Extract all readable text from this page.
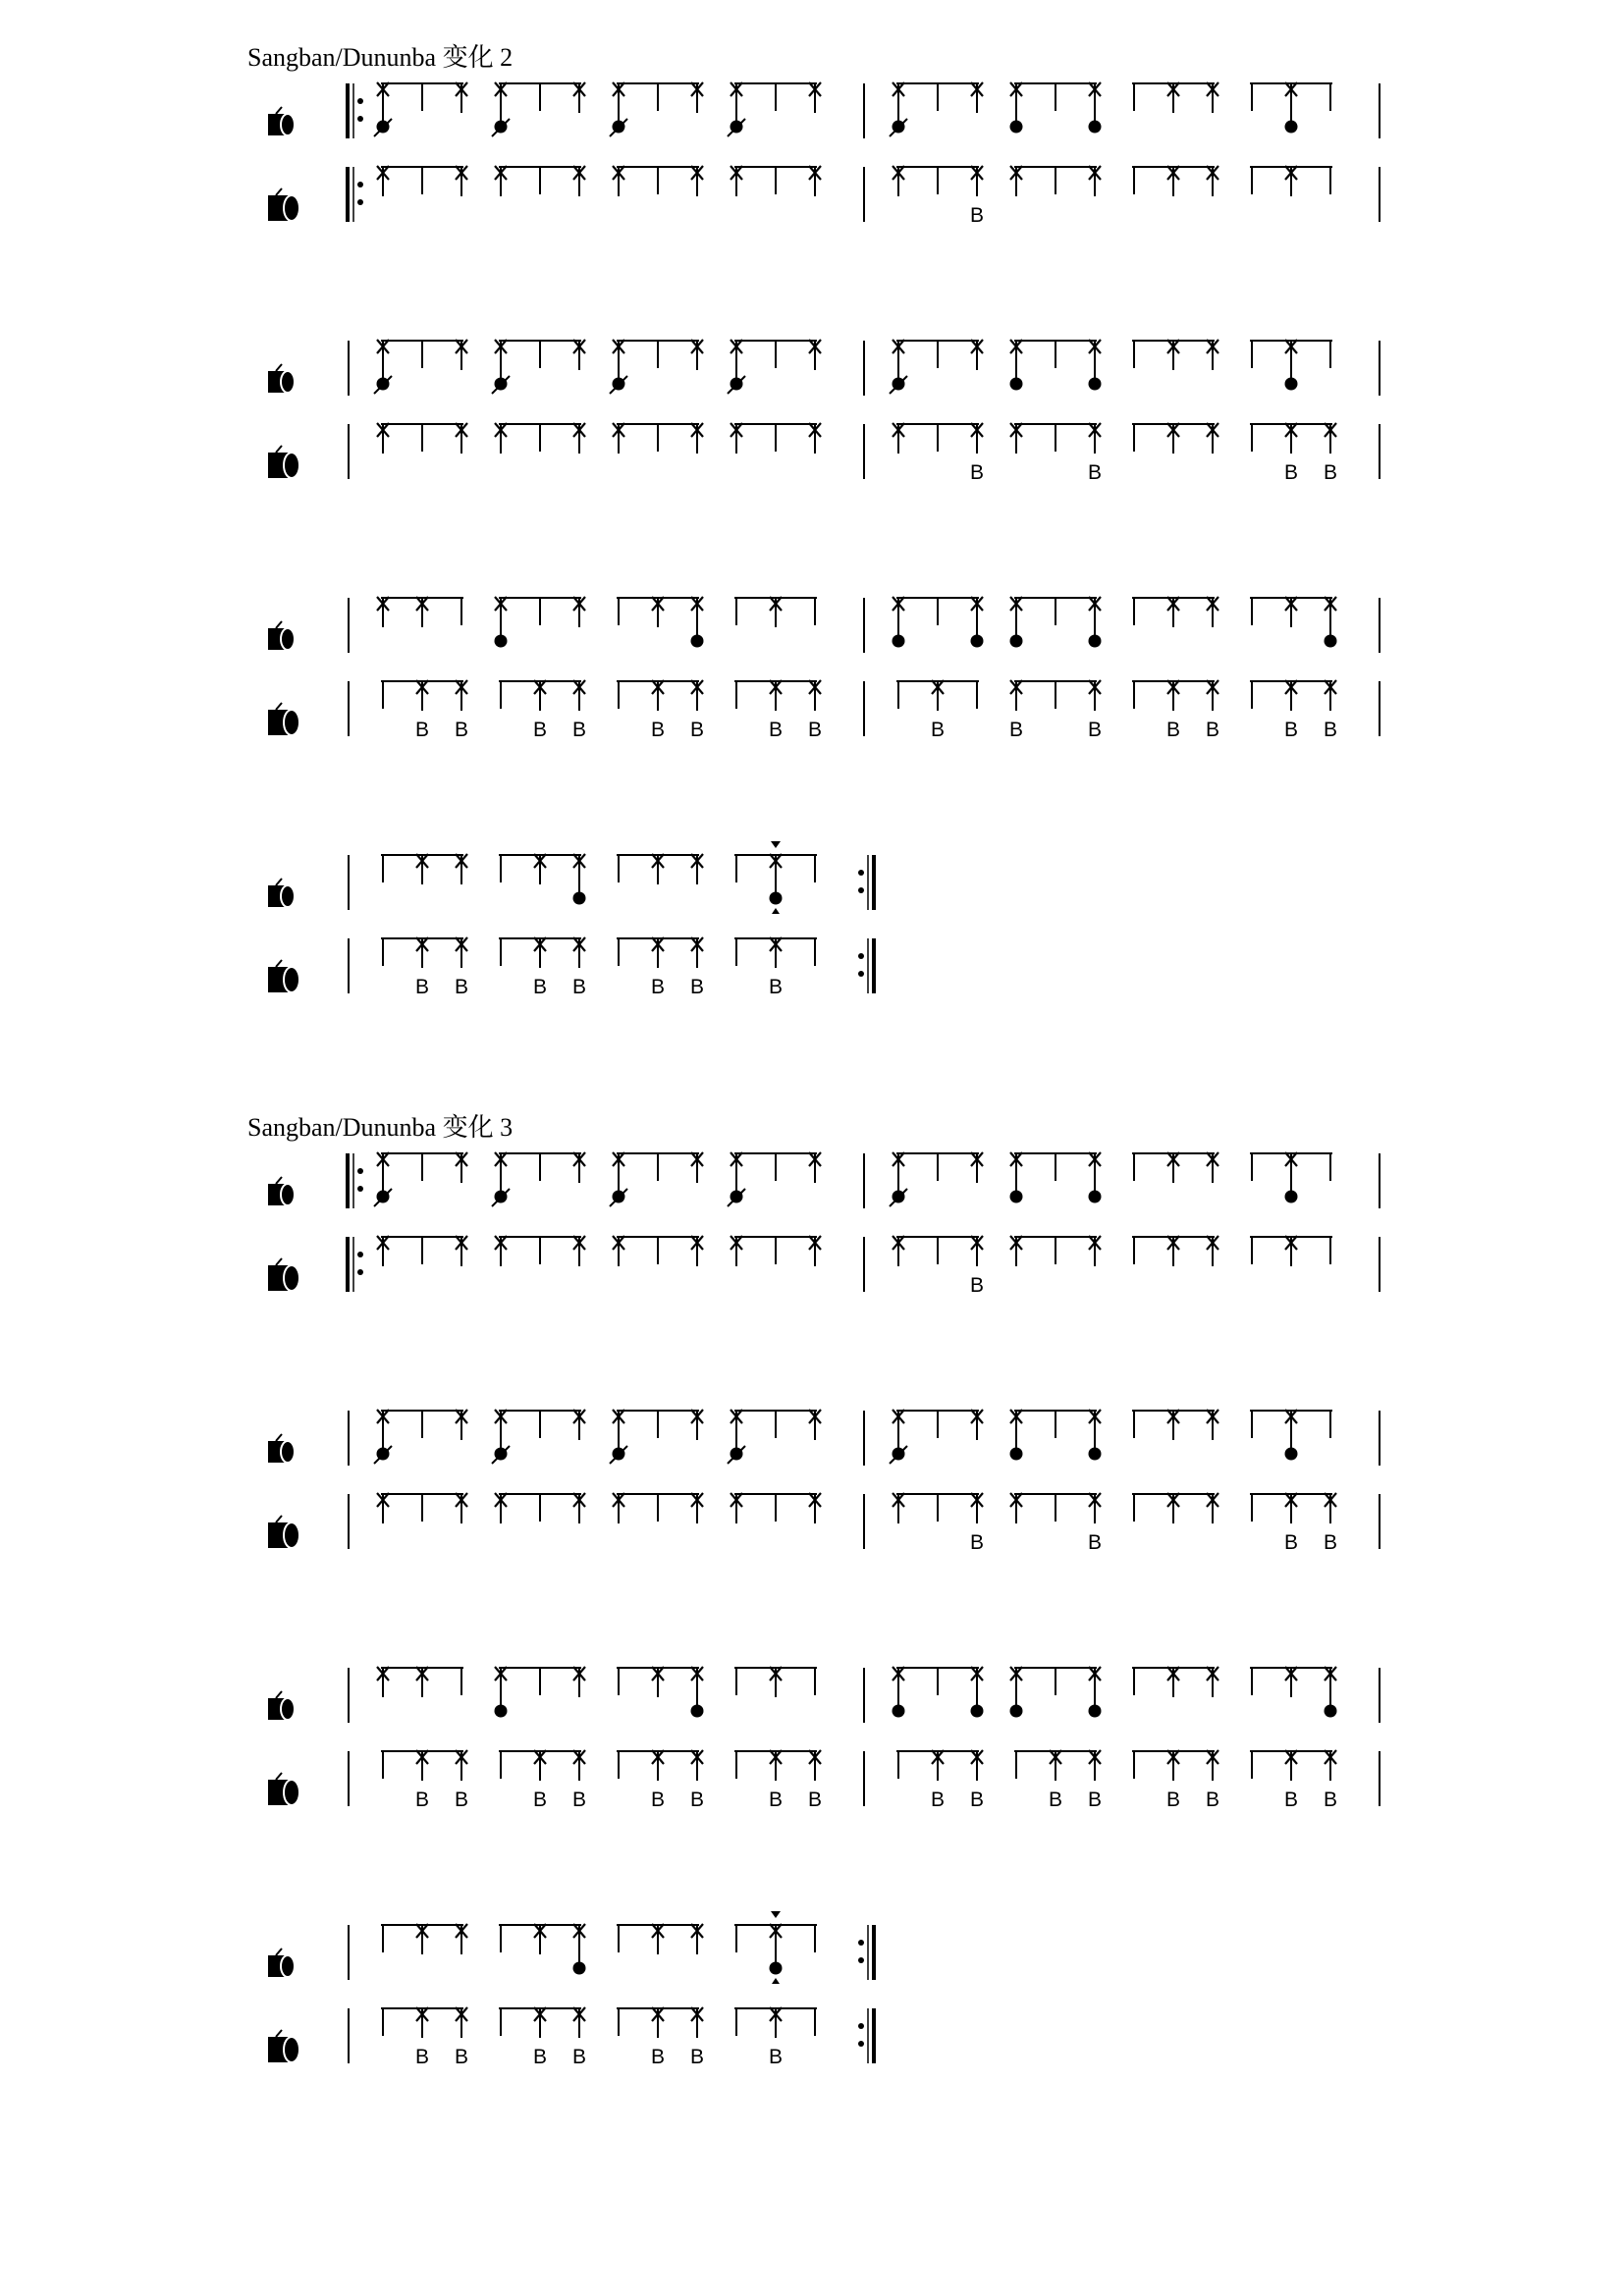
Sangban/Dununba 变化 2
Sangban/Dununba 变化 3
B
B	B	B B
B B	B B	B B	B B	B	B	B	B B	B B
B B	B B	B B	B
B
B	B	B B
B B	B B	B B	B B	B B	B B	B B	B B
B B	B B	B B	B
